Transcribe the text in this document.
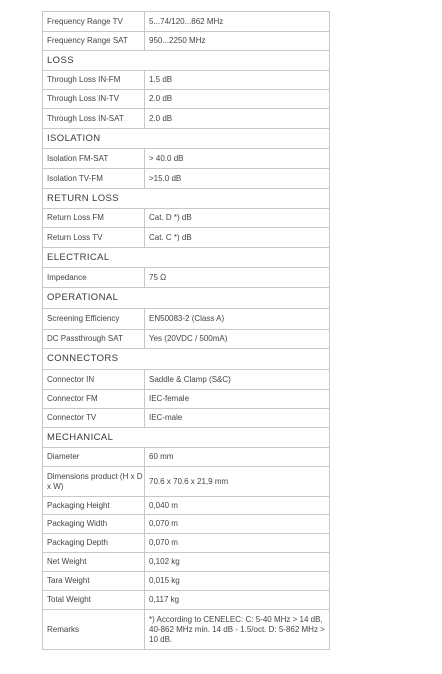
Frequency Range TV	5...74/120...862 MHz
Frequency Range SAT	950...2250 MHz
LOSS	
Through Loss IN-FM	1.5 dB
Through Loss IN-TV	2.0 dB
Through Loss IN-SAT	2.0 dB
ISOLATION	
Isolation FM-SAT	> 40.0 dB
Isolation TV-FM	>15.0 dB
RETURN LOSS	
Return Loss FM	Cat. D *) dB
Return Loss TV	Cat. C *) dB
ELECTRICAL	
Impedance	75 Ω
OPERATIONAL	
Screening Efficiency	EN50083-2 (Class A)
DC Passthrough SAT	Yes (20VDC / 500mA)
CONNECTORS	
Connector IN	Saddle & Clamp (S&C)
Connector FM	IEC-female
Connector TV	IEC-male
MECHANICAL	
Diameter	60 mm
Dimensions product (H x D x W)	70.6 x 70.6 x 21,9 mm
Packaging Height	0,040 m
Packaging Width	0,070 m
Packaging Depth	0,070 m
Net Weight	0,102 kg
Tara Weight	0,015 kg
Total Weight	0,117 kg
Remarks	*) According to CENELEC: C: 5-40 MHz > 14 dB, 40-862 MHz min. 14 dB - 1.5/oct. D: 5-862 MHz > 10 dB.
